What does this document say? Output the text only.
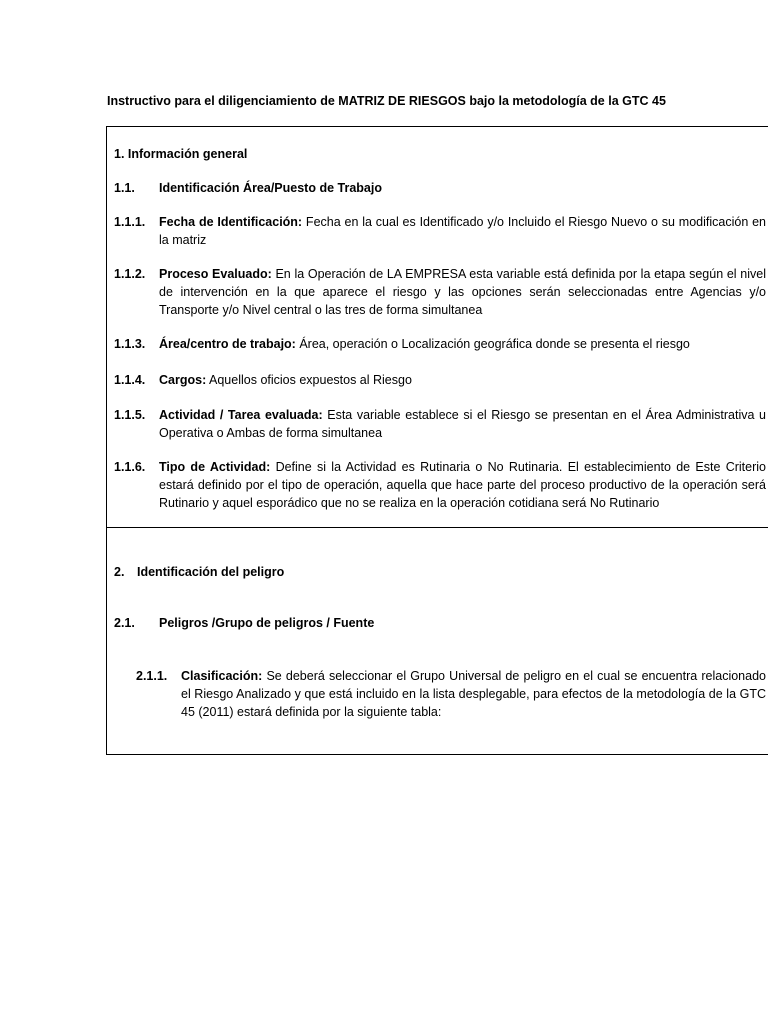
Instructivo para el diligenciamiento de MATRIZ DE RIESGOS bajo la metodología de la GTC 45
1. Información general
1.1. Identificación Área/Puesto de Trabajo
1.1.1. Fecha de Identificación: Fecha en la cual es Identificado y/o Incluido el Riesgo Nuevo o su modificación en la matriz
1.1.2. Proceso Evaluado: En la Operación de LA EMPRESA esta variable está definida por la etapa según el nivel de intervención en la que aparece el riesgo y las opciones serán seleccionadas entre Agencias y/o Transporte y/o Nivel central o las tres de forma simultanea
1.1.3. Área/centro de trabajo: Área, operación o Localización geográfica donde se presenta el riesgo
1.1.4. Cargos: Aquellos oficios expuestos al Riesgo
1.1.5. Actividad / Tarea evaluada: Esta variable establece si el Riesgo se presentan en el Área Administrativa u Operativa o Ambas de forma simultanea
1.1.6. Tipo de Actividad: Define si la Actividad es Rutinaria o No Rutinaria. El establecimiento de Este Criterio estará definido por el tipo de operación, aquella que hace parte del proceso productivo de la operación será Rutinario y aquel esporádico que no se realiza en la operación cotidiana será No Rutinario
2. Identificación del peligro
2.1. Peligros /Grupo de peligros / Fuente
2.1.1. Clasificación: Se deberá seleccionar el Grupo Universal de peligro en el cual se encuentra relacionado el Riesgo Analizado y que está incluido en la lista desplegable, para efectos de la metodología de la GTC 45 (2011) estará definida por la siguiente tabla:
